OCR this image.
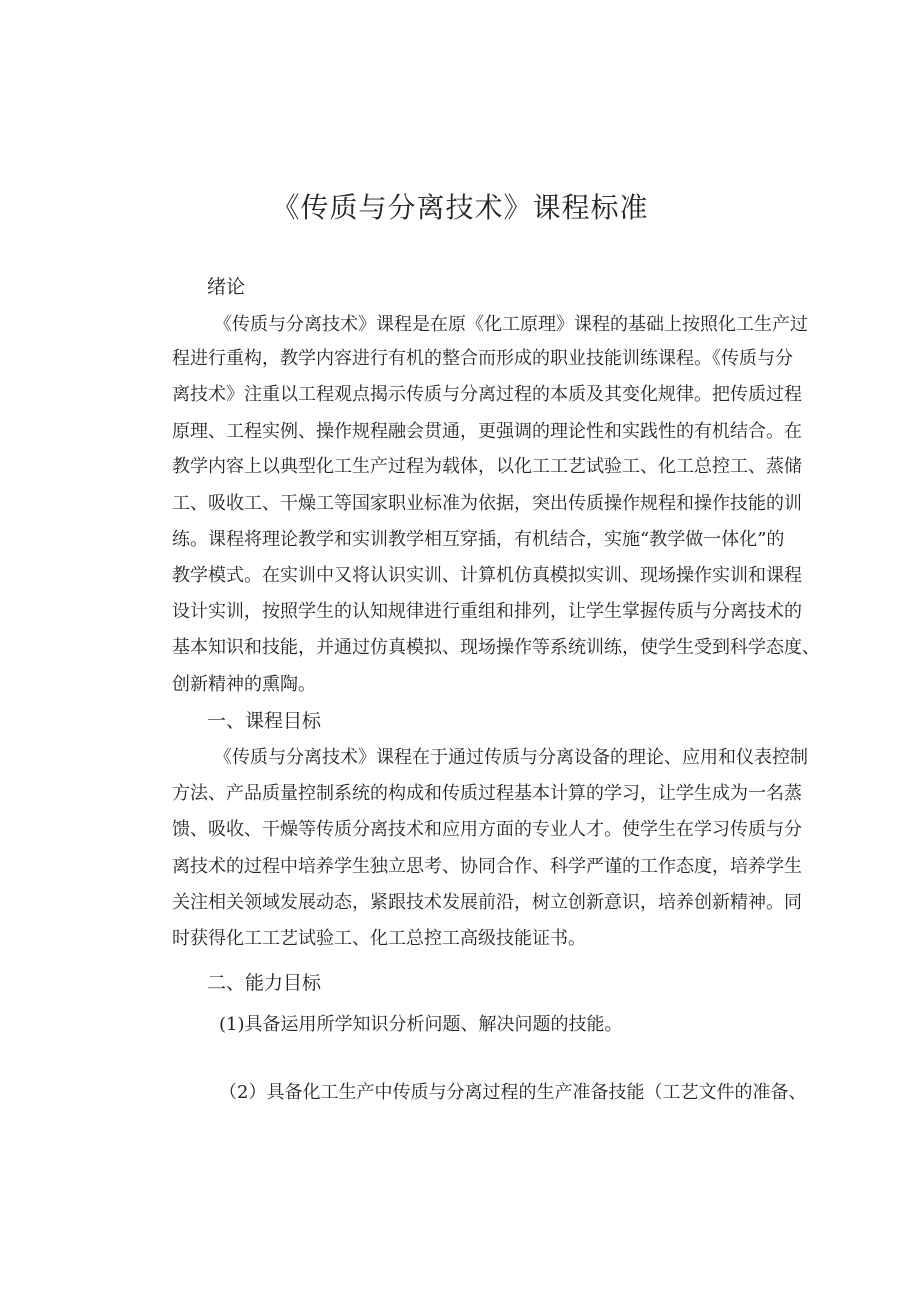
《传质与分离技术》课程标准
绪论
《传质与分离技术》课程是在原《化工原理》课程的基础上按照化工生产过
程进行重构，教学内容进行有机的整合而形成的职业技能训练课程。《传质与分
离技术》注重以工程观点揭示传质与分离过程的本质及其变化规律。把传质过程
原理、工程实例、操作规程融会贯通，更强调的理论性和实践性的有机结合。在
教学内容上以典型化工生产过程为载体，以化工工艺试验工、化工总控工、蒸储
工、吸收工、干燥工等国家职业标准为依据，突出传质操作规程和操作技能的训
练。课程将理论教学和实训教学相互穿插，有机结合，实施“教学做一体化”的
教学模式。在实训中又将认识实训、计算机仿真模拟实训、现场操作实训和课程
设计实训，按照学生的认知规律进行重组和排列，让学生掌握传质与分离技术的
基本知识和技能，并通过仿真模拟、现场操作等系统训练，使学生受到科学态度、
创新精神的熏陶。
一、课程目标
《传质与分离技术》课程在于通过传质与分离设备的理论、应用和仪表控制
方法、产品质量控制系统的构成和传质过程基本计算的学习，让学生成为一名蒸
馈、吸收、干燥等传质分离技术和应用方面的专业人才。使学生在学习传质与分
离技术的过程中培养学生独立思考、协同合作、科学严谨的工作态度，培养学生
关注相关领域发展动态，紧跟技术发展前沿，树立创新意识，培养创新精神。同
时获得化工工艺试验工、化工总控工高级技能证书。
二、能力目标
(1)具备运用所学知识分析问题、解决问题的技能。
（2）具备化工生产中传质与分离过程的生产准备技能（工艺文件的准备、
